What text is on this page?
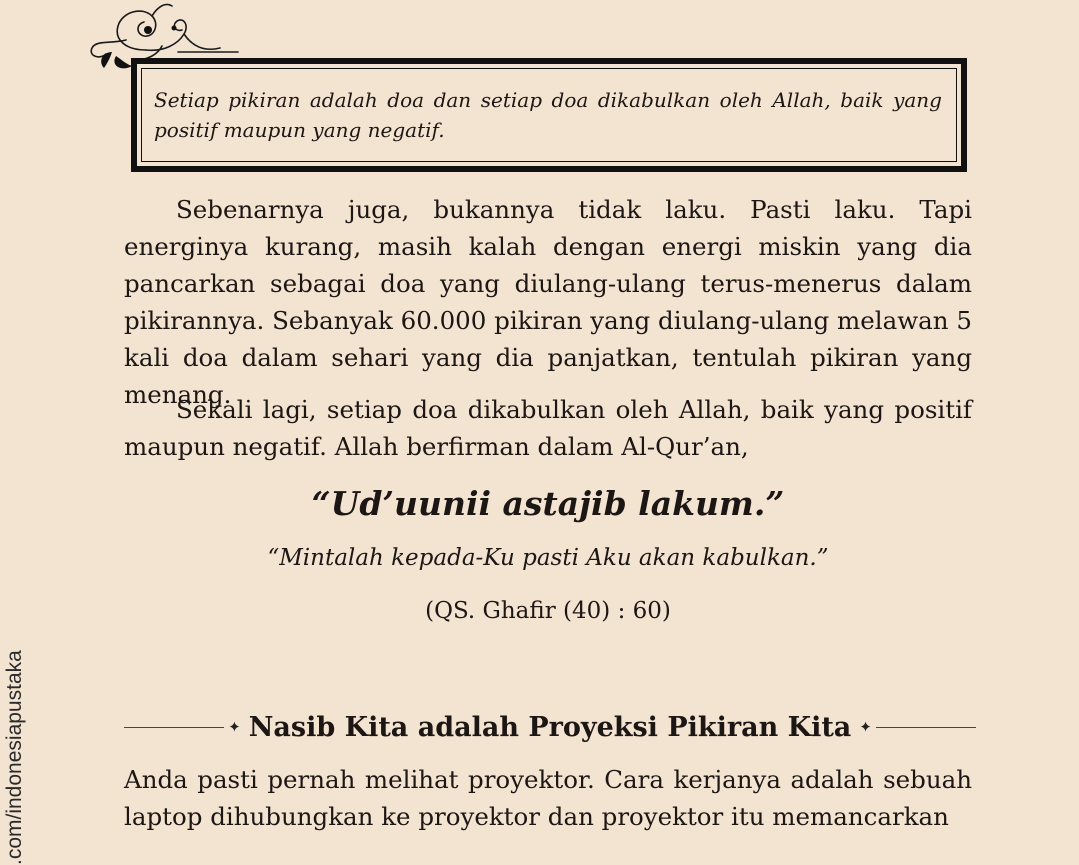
Setiap pikiran adalah doa dan setiap doa dikabulkan oleh Allah, baik yang positif maupun yang negatif.

Sebenarnya juga, bukannya tidak laku. Pasti laku. Tapi energinya kurang, masih kalah dengan energi miskin yang dia pancarkan sebagai doa yang diulang-ulang terus-menerus dalam pikirannya. Sebanyak 60.000 pikiran yang diulang-ulang melawan 5 kali doa dalam sehari yang dia panjatkan, tentulah pikiran yang menang.

Sekali lagi, setiap doa dikabulkan oleh Allah, baik yang positif maupun negatif. Allah berfirman dalam Al-Qur’an,

“Ud’uunii astajib lakum.”

“Mintalah kepada-Ku pasti Aku akan kabulkan.”

(QS. Ghafir (40) : 60)

✦ Nasib Kita adalah Proyeksi Pikiran Kita ✦

Anda pasti pernah melihat proyektor. Cara kerjanya adalah sebuah laptop dihubungkan ke proyektor dan proyektor itu memancarkan

.com/indonesiapustaka
